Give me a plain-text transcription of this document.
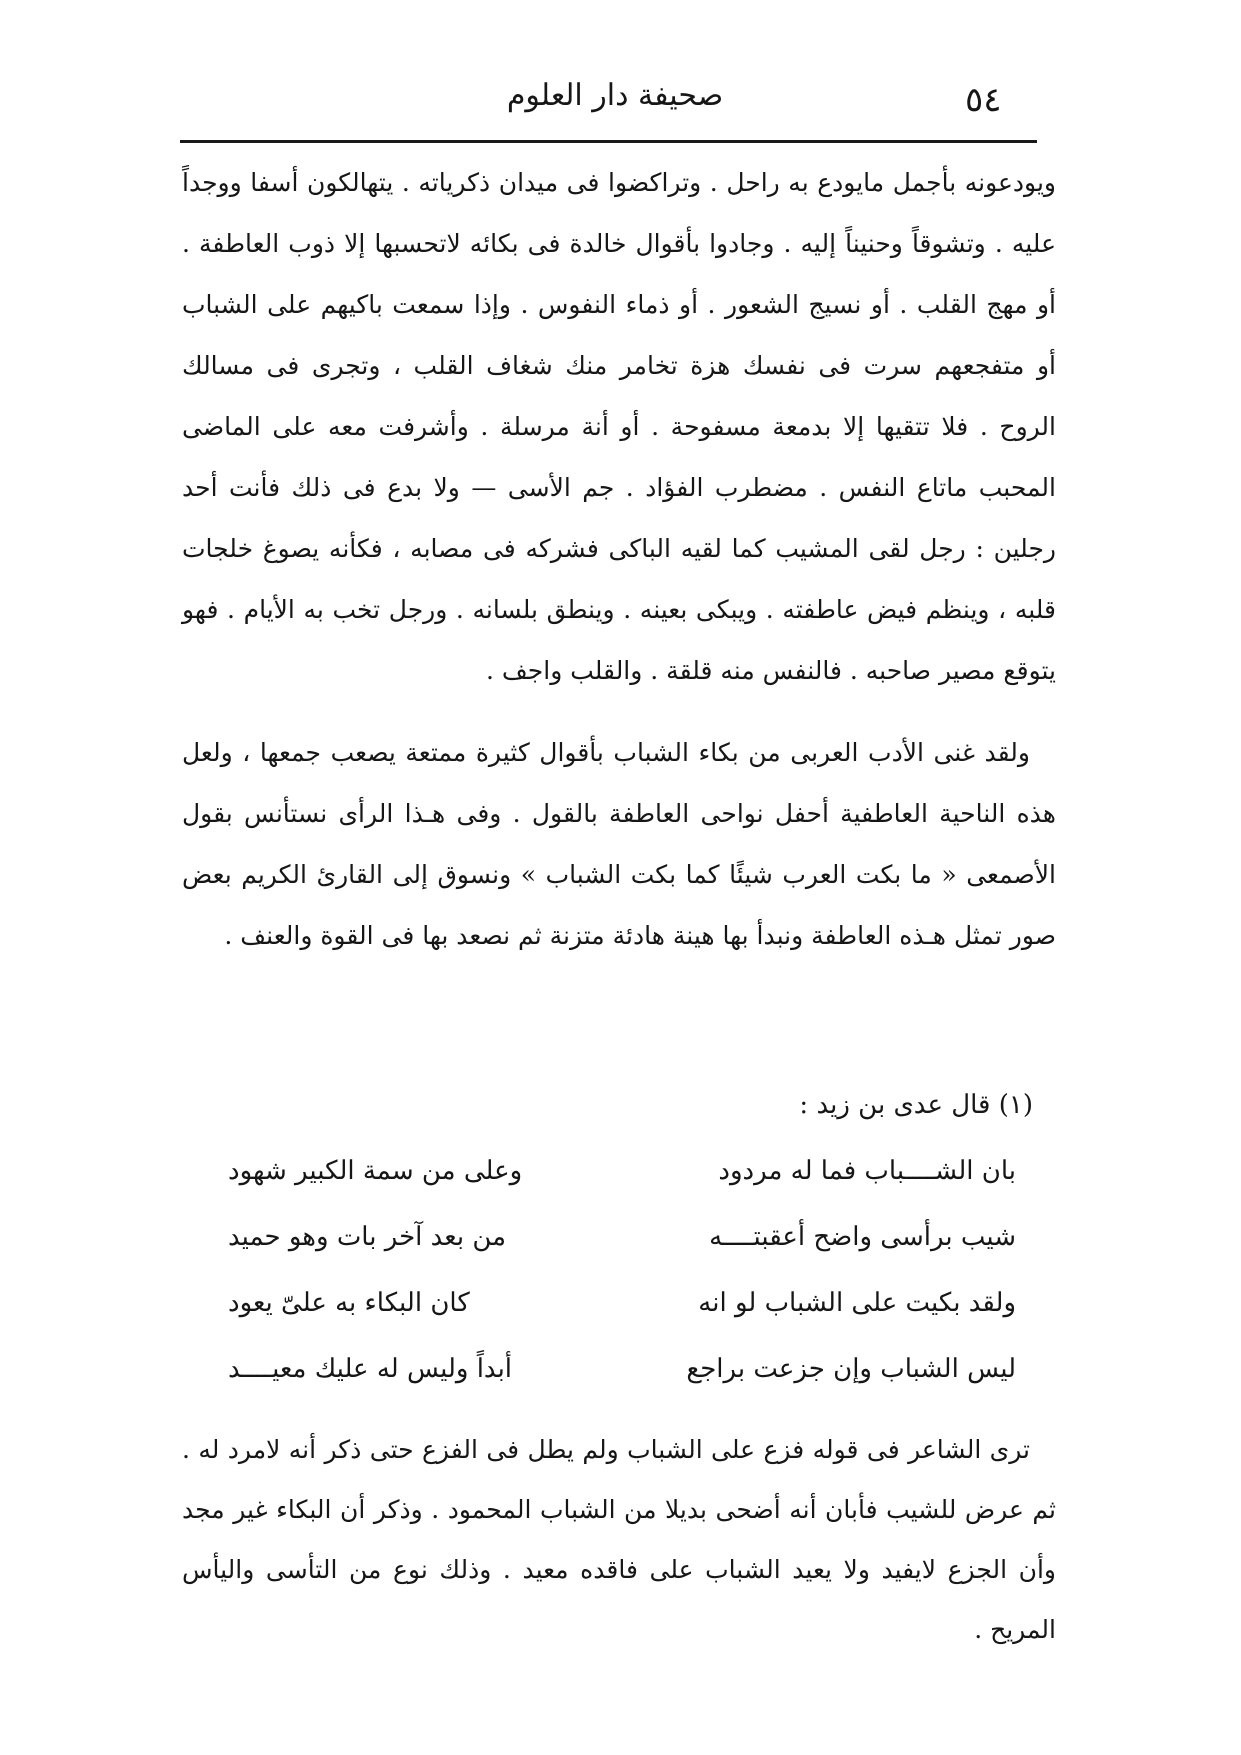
٥٤
صحيفة دار العلوم

ويودعونه بأجمل مايودع به راحل . وتراكضوا فى ميدان ذكرياته . يتهالكون أسفا ووجداً عليه . وتشوقاً وحنيناً إليه . وجادوا بأقوال خالدة فى بكائه لاتحسبها إلا ذوب العاطفة . أو مهج القلب . أو نسيج الشعور . أو ذماء النفوس . وإذا سمعت باكيهم على الشباب أو متفجعهم سرت فى نفسك هزة تخامر منك شغاف القلب ، وتجرى فى مسالك الروح . فلا تتقيها إلا بدمعة مسفوحة . أو أنة مرسلة . وأشرفت معه على الماضى المحبب ماتاع النفس . مضطرب الفؤاد . جم الأسى — ولا بدع فى ذلك فأنت أحد رجلين : رجل لقى المشيب كما لقيه الباكى فشركه فى مصابه ، فكأنه يصوغ خلجات قلبه ، وينظم فيض عاطفته . ويبكى بعينه . وينطق بلسانه . ورجل تخب به الأيام . فهو يتوقع مصير صاحبه . فالنفس منه قلقة . والقلب واجف .

ولقد غنى الأدب العربى من بكاء الشباب بأقوال كثيرة ممتعة يصعب جمعها ، ولعل هذه الناحية العاطفية أحفل نواحى العاطفة بالقول . وفى هـذا الرأى نستأنس بقول الأصمعى « ما بكت العرب شيئًا كما بكت الشباب » ونسوق إلى القارئ الكريم بعض صور تمثل هـذه العاطفة ونبدأ بها هينة هادئة متزنة ثم نصعد بها فى القوة والعنف .

(١) قال عدى بن زيد :
بان الشــــباب فما له مردود
وعلى من سمة الكبير شهود
شيب برأسى واضح أعقبتــــه
من بعد آخر بات وهو حميد
ولقد بكيت على الشباب لو انه
كان البكاء به علىّ يعود
ليس الشباب وإن جزعت براجع
أبداً وليس له عليك معيــــد

ترى الشاعر فى قوله فزع على الشباب ولم يطل فى الفزع حتى ذكر أنه لامرد له . ثم عرض للشيب فأبان أنه أضحى بديلا من الشباب المحمود . وذكر أن البكاء غير مجد وأن الجزع لايفيد ولا يعيد الشباب على فاقده معيد . وذلك نوع من التأسى واليأس المريح .
